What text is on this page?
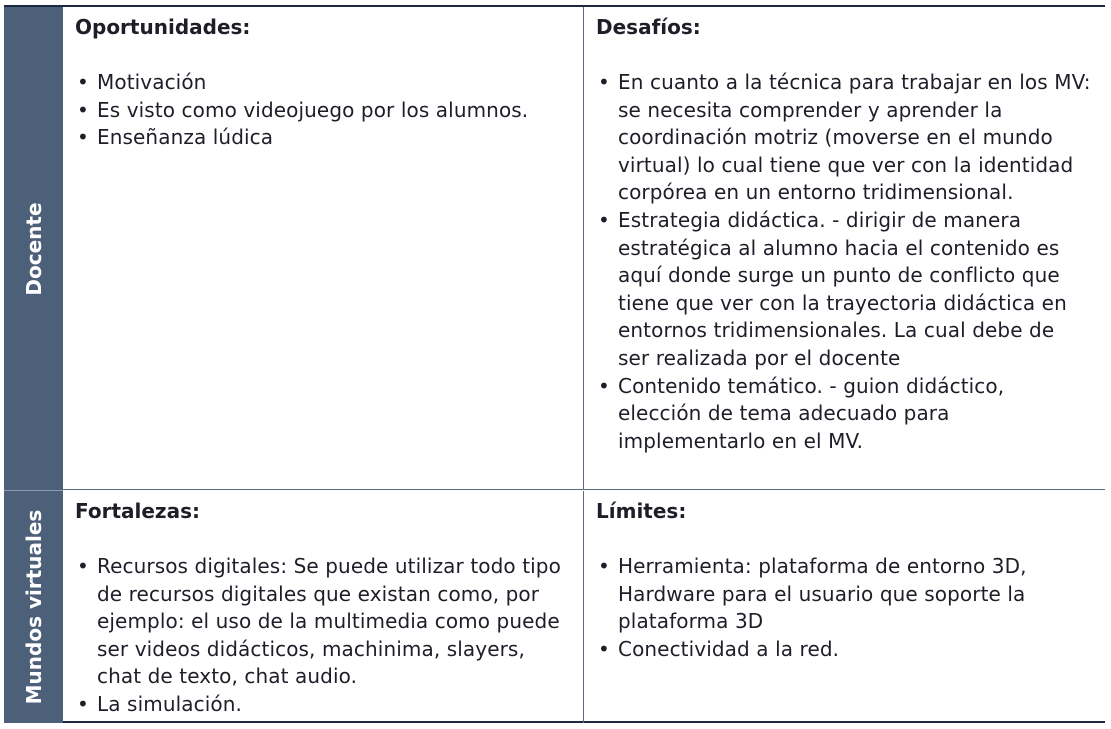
Docente
Mundos virtuales
Oportunidades:
• Motivación
• Es visto como videojuego por los alumnos.
• Enseñanza lúdica
Desafíos:
• En cuanto a la técnica para trabajar en los MV: se necesita comprender y aprender la coordinación motriz (moverse en el mundo virtual) lo cual tiene que ver con la identidad corpórea en un entorno tridimensional.
• Estrategia didáctica. - dirigir de manera estratégica al alumno hacia el contenido es aquí donde surge un punto de conflicto que tiene que ver con la trayectoria didáctica en entornos tridimensionales. La cual debe de ser realizada por el docente
• Contenido temático. - guion didáctico, elección de tema adecuado para implementarlo en el MV.
Fortalezas:
• Recursos digitales: Se puede utilizar todo tipo de recursos digitales que existan como, por ejemplo: el uso de la multimedia como puede ser videos didácticos, machinima, slayers, chat de texto, chat audio.
• La simulación.
Límites:
• Herramienta: plataforma de entorno 3D, Hardware para el usuario que soporte la plataforma 3D
• Conectividad a la red.
